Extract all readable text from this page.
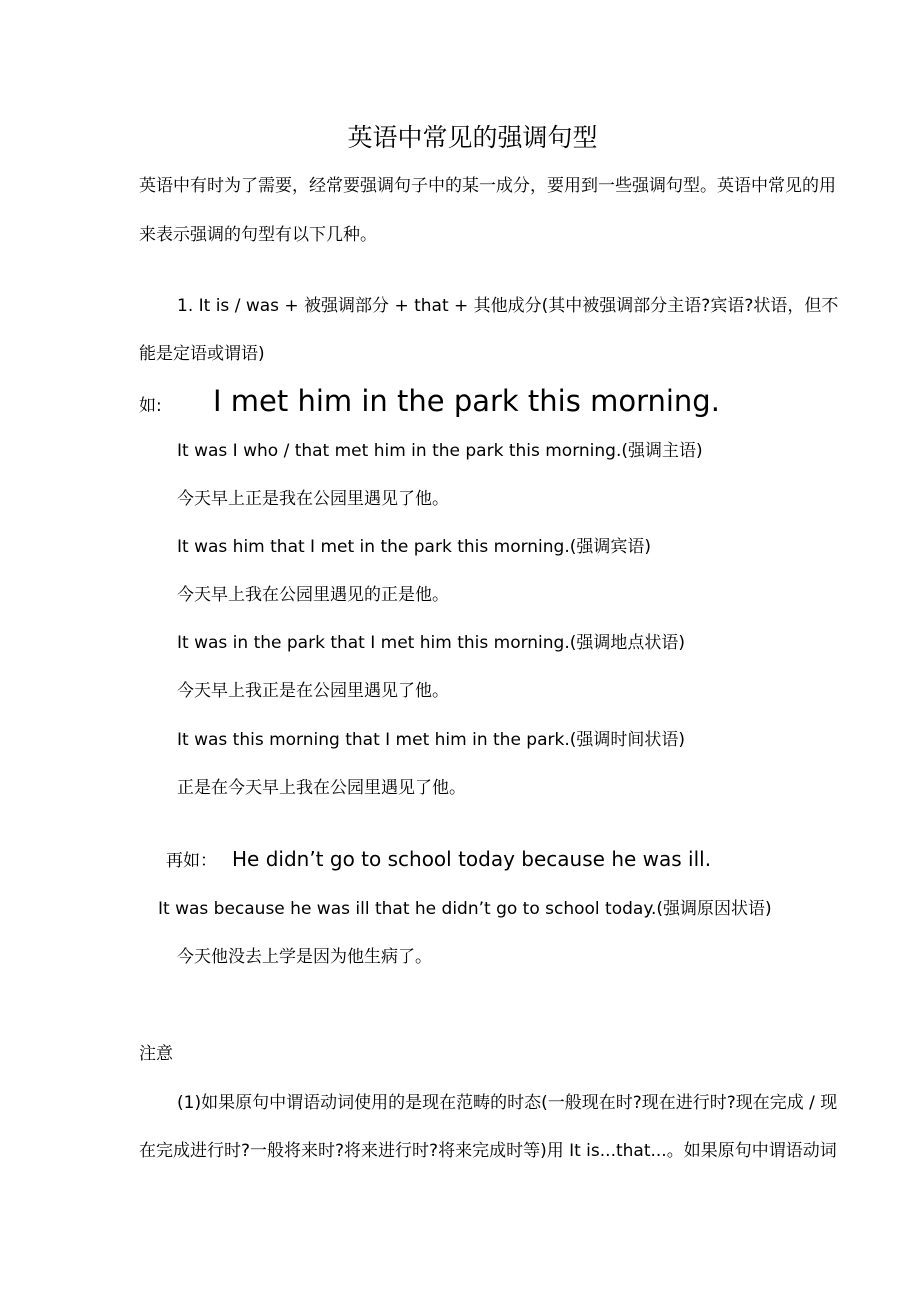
英语中常见的强调句型
英语中有时为了需要，经常要强调句子中的某一成分，要用到一些强调句型。英语中常见的用
来表示强调的句型有以下几种。
1. It is / was + 被强调部分 + that + 其他成分(其中被强调部分主语?宾语?状语，但不
能是定语或谓语)
如: I met him in the park this morning.
It was I who / that met him in the park this morning.(强调主语)
今天早上正是我在公园里遇见了他。
It was him that I met in the park this morning.(强调宾语)
今天早上我在公园里遇见的正是他。
It was in the park that I met him this morning.(强调地点状语)
今天早上我正是在公园里遇见了他。
It was this morning that I met him in the park.(强调时间状语)
正是在今天早上我在公园里遇见了他。
再如： He didn’t go to school today because he was ill.
It was because he was ill that he didn’t go to school today.(强调原因状语)
今天他没去上学是因为他生病了。
注意
(1)如果原句中谓语动词使用的是现在范畴的时态(一般现在时?现在进行时?现在完成 / 现
在完成进行时?一般将来时?将来进行时?将来完成时等)用 It is...that...。如果原句中谓语动词
